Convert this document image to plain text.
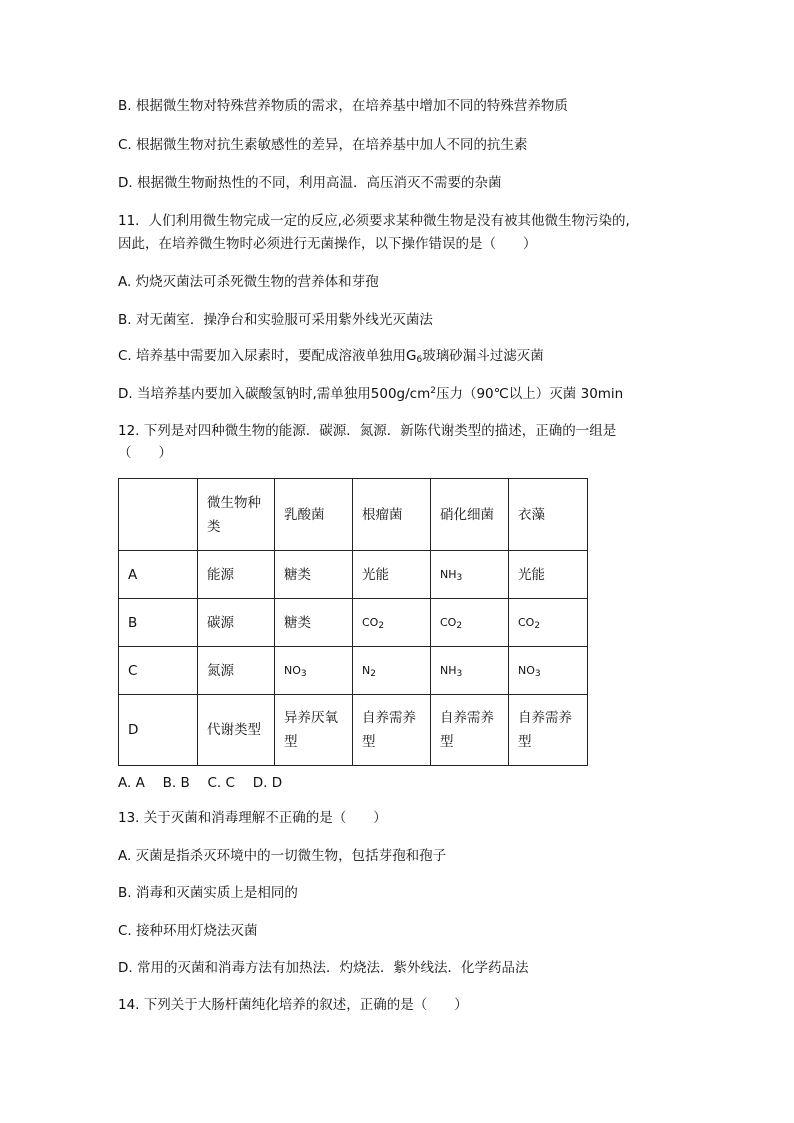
B. 根据微生物对特殊营养物质的需求，在培养基中增加不同的特殊营养物质
C. 根据微生物对抗生素敏感性的差异，在培养基中加人不同的抗生素
D. 根据微生物耐热性的不同，利用高温．高压消灭不需要的杂菌
11．人们利用微生物完成一定的反应,必须要求某种微生物是没有被其他微生物污染的,
因此，在培养微生物时必须进行无菌操作，以下操作错误的是（　　）
A. 灼烧灭菌法可杀死微生物的营养体和芽孢
B. 对无菌室．操净台和实验服可采用紫外线光灭菌法
C. 培养基中需要加入尿素时，要配成溶液单独用$G_6$玻璃砂漏斗过滤灭菌
D. 当培养基内要加入碳酸氢钠时,需单独用$500g/cm^2$压力（90℃以上）灭菌 30min
12. 下列是对四种微生物的能源．碳源．氮源．新陈代谢类型的描述，正确的一组是
（　　）
	微生物种类	乳酸菌	根瘤菌	硝化细菌	衣藻
A	能源	糖类	光能	$NH_3$	光能
B	碳源	糖类	$CO_2$	$CO_2$	$CO_2$
C	氮源	$NO_3$	$N_2$	$NH_3$	$NO_3$
D	代谢类型	异养厌氧型	自养需养型	自养需养型	自养需养型
A. A　 B. B　 C. C　 D. D
13. 关于灭菌和消毒理解不正确的是（　　）
A. 灭菌是指杀灭环境中的一切微生物，包括芽孢和孢子
B. 消毒和灭菌实质上是相同的
C. 接种环用灯烧法灭菌
D. 常用的灭菌和消毒方法有加热法．灼烧法．紫外线法．化学药品法
14. 下列关于大肠杆菌纯化培养的叙述，正确的是（　　）
